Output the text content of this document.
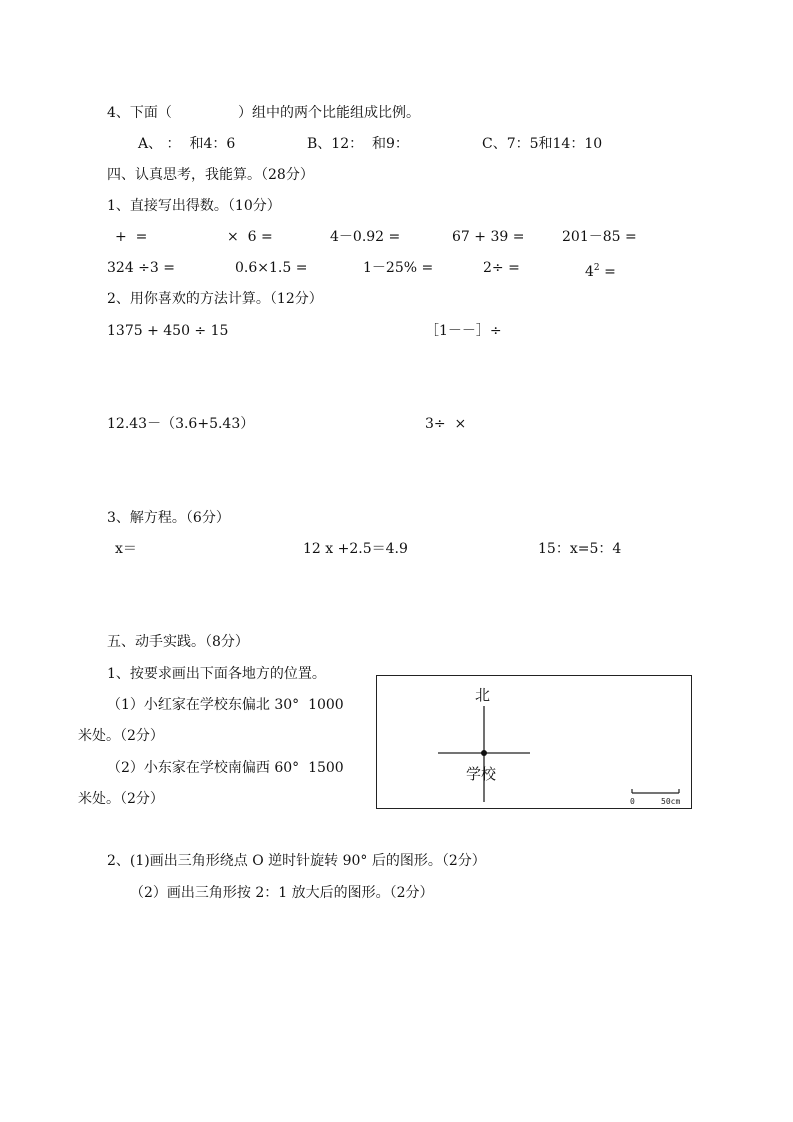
4、下面（	）组中的两个比能组成比例。
A、 ：  和4：6	B、12：  和9：	C、7：5和14：10
四、认真思考，我能算。（28分）
1、直接写出得数。（10分）
+  =	×  6 =	4－0.92 =	67 + 39 =	201－85 =
324 ÷3 =	0.6×1.5 =	1－25% =	2÷ =	$4^2$ =
2、用你喜欢的方法计算。（12分）
1375 + 450 ÷ 15	［1－－］÷
12.43－（3.6+5.43）	3÷  ×
3、解方程。（6分）
x＝	12 x +2.5＝4.9	15：x=5：4
五、动手实践。（8分）
1、按要求画出下面各地方的位置。
（1）小红家在学校东偏北 30°  1000
米处。（2分）
（2）小东家在学校南偏西 60°  1500
米处。（2分）
北
学校
0	50cm
2、(1)画出三角形绕点 O 逆时针旋转 90° 后的图形。（2分）
（2）画出三角形按 2：1 放大后的图形。（2分）
